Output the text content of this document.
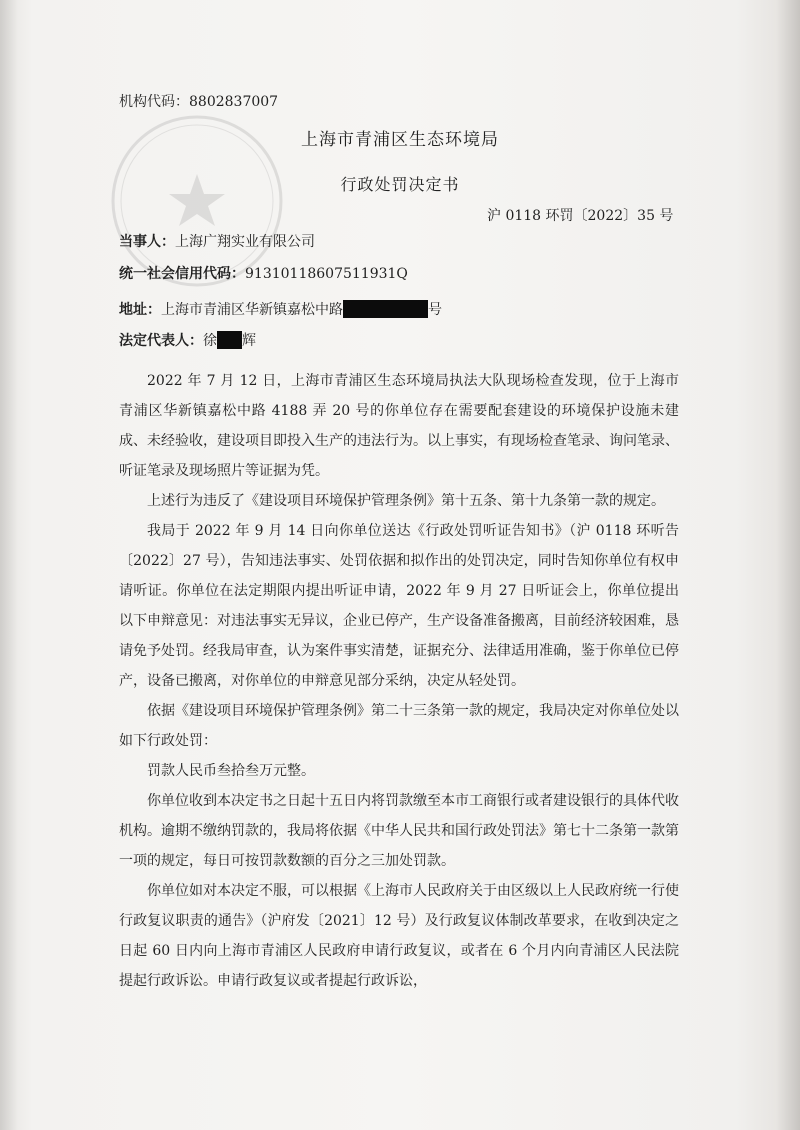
机构代码：8802837007
上海市青浦区生态环境局
行政处罚决定书
沪 0118 环罚〔2022〕35 号
当事人：上海广翔实业有限公司
统一社会信用代码：91310118607511931Q
地址：上海市青浦区华新镇嘉松中路	号
法定代表人：徐 辉

2022 年 7 月 12 日，上海市青浦区生态环境局执法大队现场检查发现，位于上海市青浦区华新镇嘉松中路 4188 弄 20 号的你单位存在需要配套建设的环境保护设施未建成、未经验收，建设项目即投入生产的违法行为。以上事实，有现场检查笔录、询问笔录、听证笔录及现场照片等证据为凭。

上述行为违反了《建设项目环境保护管理条例》第十五条、第十九条第一款的规定。

我局于 2022 年 9 月 14 日向你单位送达《行政处罚听证告知书》（沪 0118 环听告〔2022〕27 号），告知违法事实、处罚依据和拟作出的处罚决定，同时告知你单位有权申请听证。你单位在法定期限内提出听证申请，2022 年 9 月 27 日听证会上，你单位提出以下申辩意见：对违法事实无异议，企业已停产，生产设备准备搬离，目前经济较困难，恳请免予处罚。经我局审查，认为案件事实清楚，证据充分、法律适用准确，鉴于你单位已停产，设备已搬离，对你单位的申辩意见部分采纳，决定从轻处罚。

依据《建设项目环境保护管理条例》第二十三条第一款的规定，我局决定对你单位处以如下行政处罚：

罚款人民币叁拾叁万元整。

你单位收到本决定书之日起十五日内将罚款缴至本市工商银行或者建设银行的具体代收机构。逾期不缴纳罚款的，我局将依据《中华人民共和国行政处罚法》第七十二条第一款第一项的规定，每日可按罚款数额的百分之三加处罚款。

你单位如对本决定不服，可以根据《上海市人民政府关于由区级以上人民政府统一行使行政复议职责的通告》（沪府发〔2021〕12 号）及行政复议体制改革要求，在收到决定之日起 60 日内向上海市青浦区人民政府申请行政复议，或者在 6 个月内向青浦区人民法院提起行政诉讼。申请行政复议或者提起行政诉讼，
